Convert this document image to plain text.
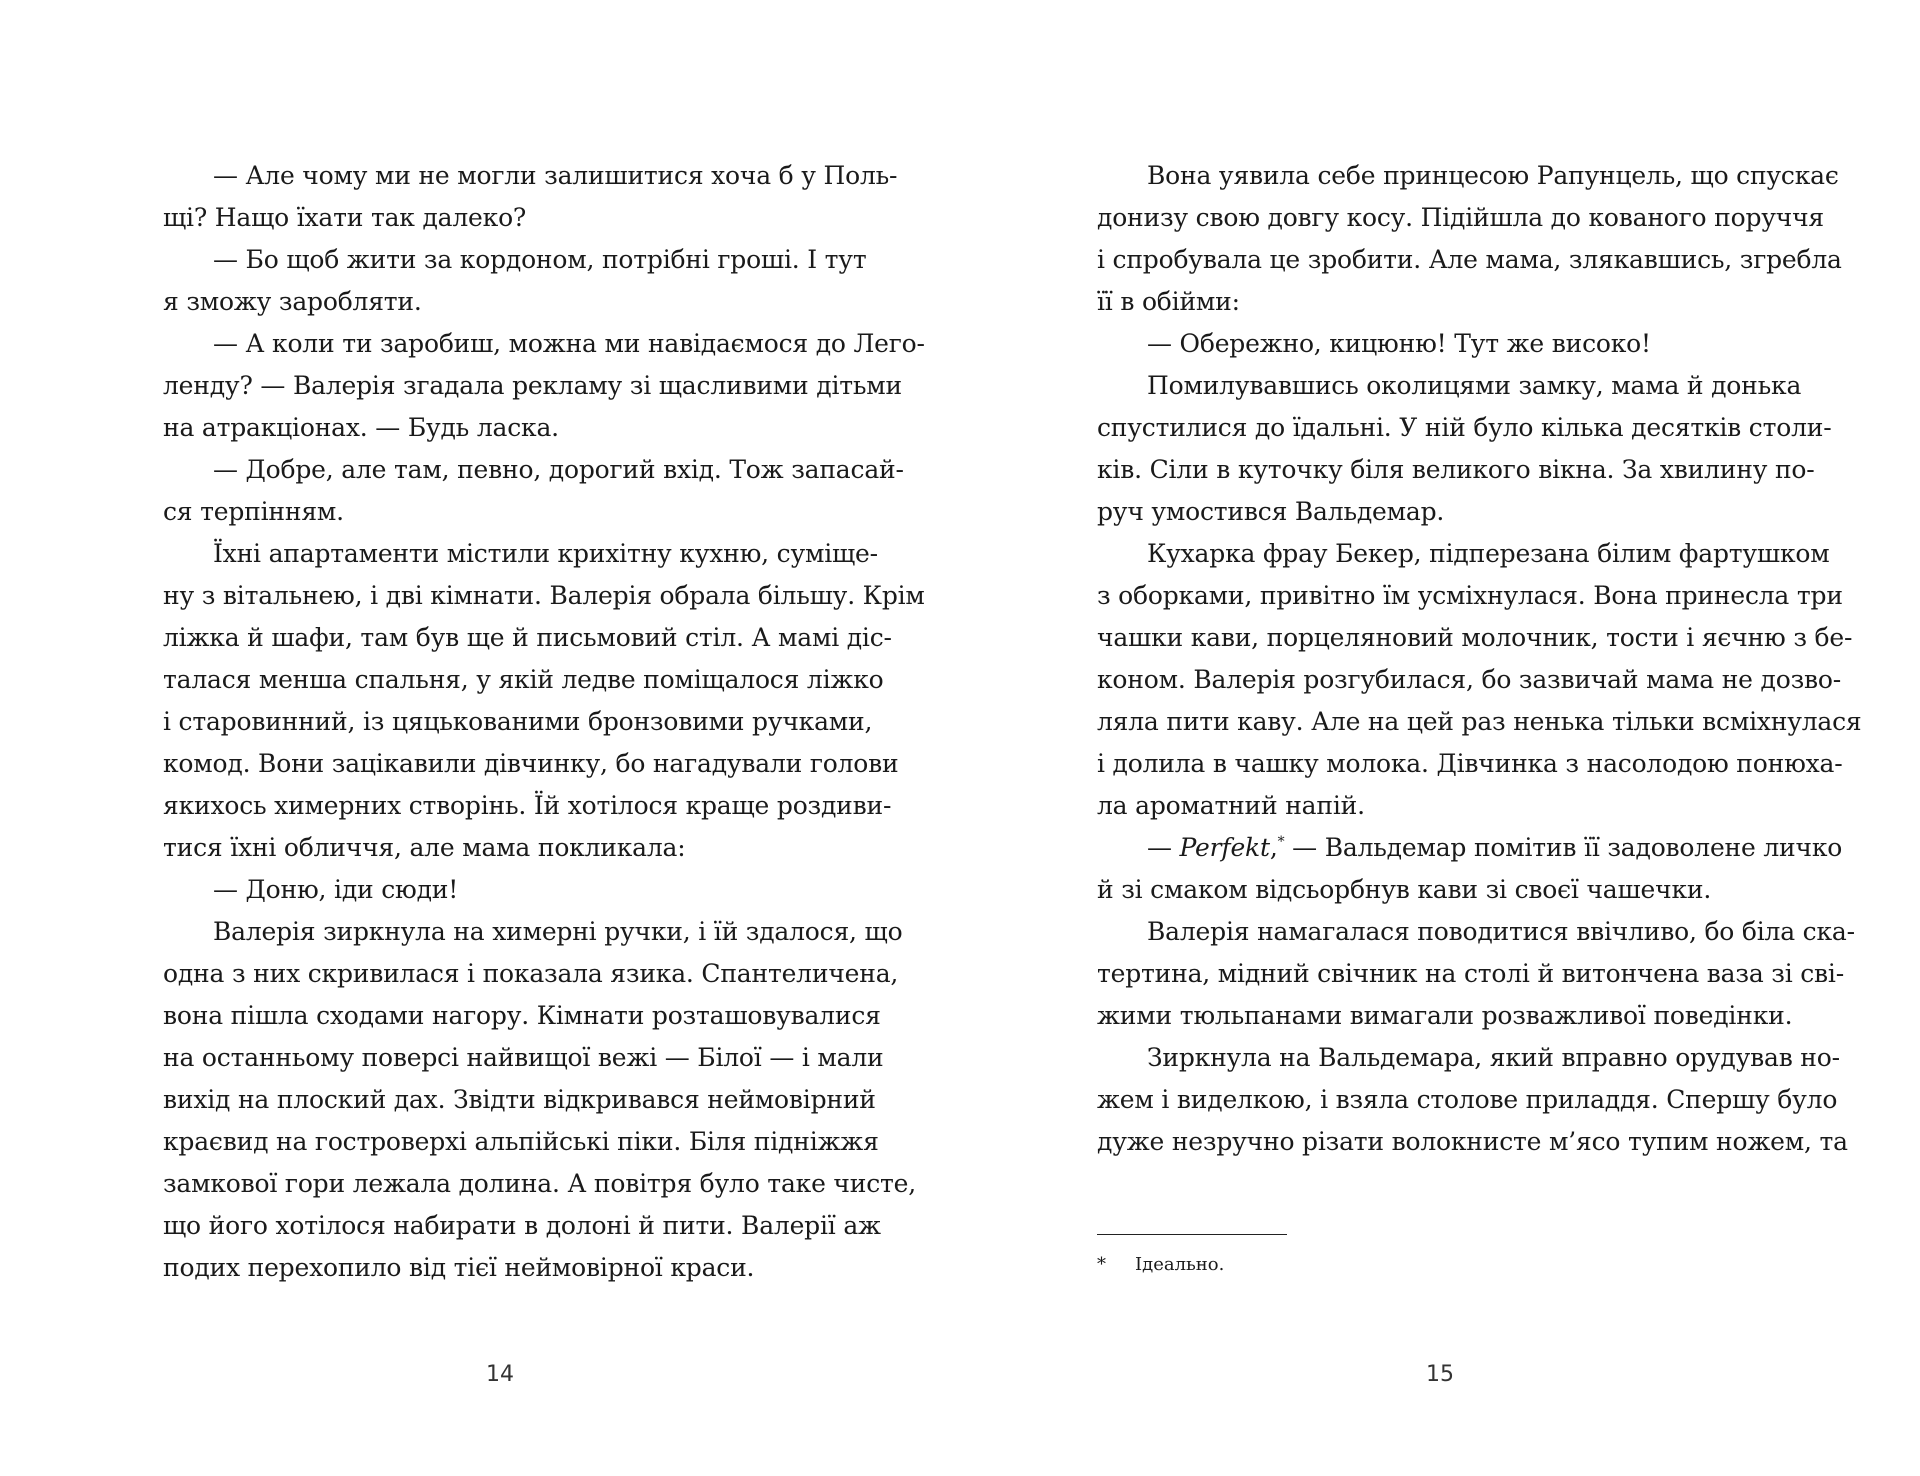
— Але чому ми не могли залишитися хоча б у Поль-
щі? Нащо їхати так далеко?
— Бо щоб жити за кордоном, потрібні гроші. І тут
я зможу заробляти.
— А коли ти заробиш, можна ми навідаємося до Лего-
ленду? — Валерія згадала рекламу зі щасливими дітьми
на атракціонах. — Будь ласка.
— Добре, але там, певно, дорогий вхід. Тож запасай-
ся терпінням.
Їхні апартаменти містили крихітну кухню, суміще-
ну з вітальнею, і дві кімнати. Валерія обрала більшу. Крім
ліжка й шафи, там був ще й письмовий стіл. А мамі діс-
талася менша спальня, у якій ледве поміщалося ліжко
і старовинний, із цяцькованими бронзовими ручками,
комод. Вони зацікавили дівчинку, бо нагадували голови
якихось химерних створінь. Їй хотілося краще роздиви-
тися їхні обличчя, але мама покликала:
— Доню, іди сюди!
Валерія зиркнула на химерні ручки, і їй здалося, що
одна з них скривилася і показала язика. Спантеличена,
вона пішла сходами нагору. Кімнати розташовувалися
на останньому поверсі найвищої вежі — Білої — і мали
вихід на плоский дах. Звідти відкривався неймовірний
краєвид на гостроверхі альпійські піки. Біля підніжжя
замкової гори лежала долина. А повітря було таке чисте,
що його хотілося набирати в долоні й пити. Валерії аж
подих перехопило від тієї неймовірної краси.
14
Вона уявила себе принцесою Рапунцель, що спускає
донизу свою довгу косу. Підійшла до кованого поруччя
і спробувала це зробити. Але мама, злякавшись, згребла
її в обійми:
— Обережно, кицюню! Тут же високо!
Помилувавшись околицями замку, мама й донька
спустилися до їдальні. У ній було кілька десятків столи-
ків. Сіли в куточку біля великого вікна. За хвилину по-
руч умостився Вальдемар.
Кухарка фрау Бекер, підперезана білим фартушком
з оборками, привітно їм усміхнулася. Вона принесла три
чашки кави, порцеляновий молочник, тости і яєчню з бе-
коном. Валерія розгубилася, бо зазвичай мама не дозво-
ляла пити каву. Але на цей раз ненька тільки всміхнулася
і долила в чашку молока. Дівчинка з насолодою понюха-
ла ароматний напій.
— Perfekt,* — Вальдемар помітив її задоволене личко
й зі смаком відсьорбнув кави зі своєї чашечки.
Валерія намагалася поводитися ввічливо, бо біла ска-
тертина, мідний свічник на столі й витончена ваза зі сві-
жими тюльпанами вимагали розважливої поведінки.
Зиркнула на Вальдемара, який вправно орудував но-
жем і виделкою, і взяла столове приладдя. Спершу було
дуже незручно різати волокнисте м’ясо тупим ножем, та
* Ідеально.
15
